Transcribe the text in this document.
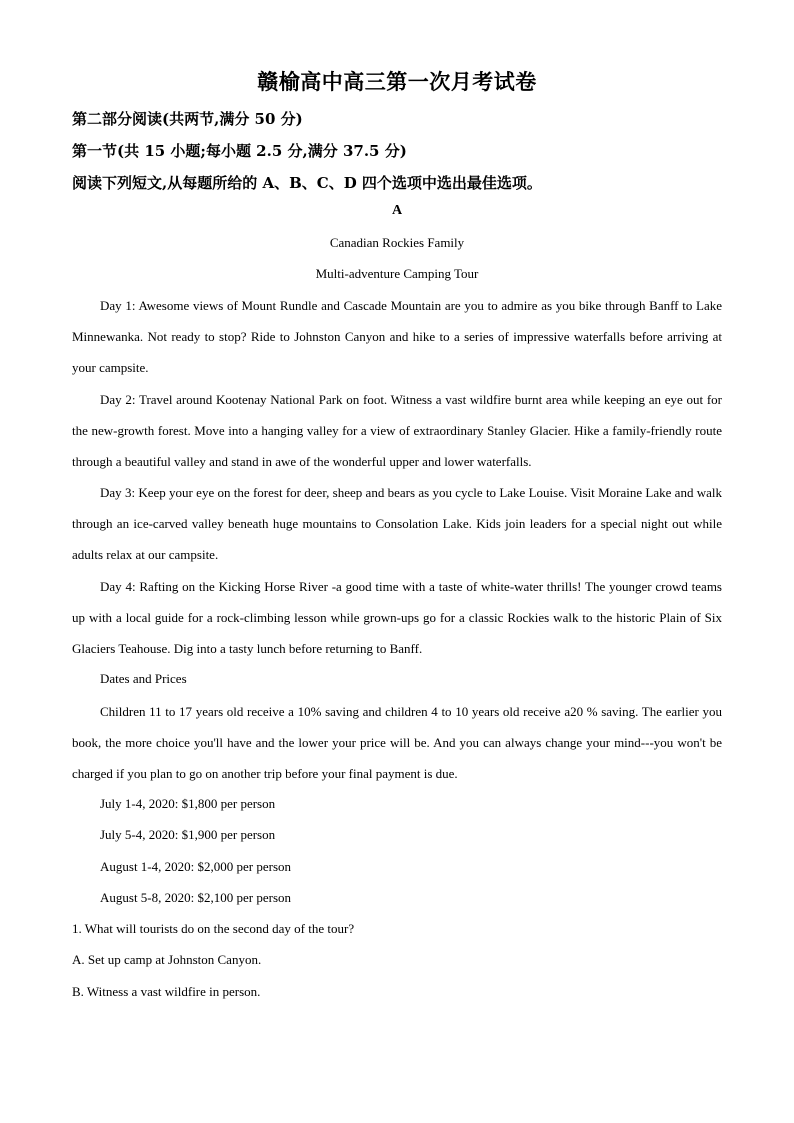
赣榆高中高三第一次月考试卷
第二部分阅读(共两节,满分 50 分)
第一节(共 15 小题;每小题 2.5 分,满分 37.5 分)
阅读下列短文,从每题所给的 A、B、C、D 四个选项中选出最佳选项。
A
Canadian Rockies Family
Multi-adventure Camping Tour
Day 1: Awesome views of Mount Rundle and Cascade Mountain are you to admire as you bike through Banff to Lake Minnewanka. Not ready to stop? Ride to Johnston Canyon and hike to a series of impressive waterfalls before arriving at your campsite.
Day 2: Travel around Kootenay National Park on foot. Witness a vast wildfire burnt area while keeping an eye out for the new-growth forest. Move into a hanging valley for a view of extraordinary Stanley Glacier. Hike a family-friendly route through a beautiful valley and stand in awe of the wonderful upper and lower waterfalls.
Day 3: Keep your eye on the forest for deer, sheep and bears as you cycle to Lake Louise. Visit Moraine Lake and walk through an ice-carved valley beneath huge mountains to Consolation Lake. Kids join leaders for a special night out while adults relax at our campsite.
Day 4: Rafting on the Kicking Horse River -a good time with a taste of white-water thrills! The younger crowd teams up with a local guide for a rock-climbing lesson while grown-ups go for a classic Rockies walk to the historic Plain of Six Glaciers Teahouse. Dig into a tasty lunch before returning to Banff.
Dates and Prices
Children 11 to 17 years old receive a 10% saving and children 4 to 10 years old receive a20 % saving. The earlier you book, the more choice you'll have and the lower your price will be. And you can always change your mind---you won't be charged if you plan to go on another trip before your final payment is due.
July 1-4, 2020: $1,800 per person
July 5-4, 2020: $1,900 per person
August 1-4, 2020: $2,000 per person
August 5-8, 2020: $2,100 per person
1. What will tourists do on the second day of the tour?
A. Set up camp at Johnston Canyon.
B. Witness a vast wildfire in person.
